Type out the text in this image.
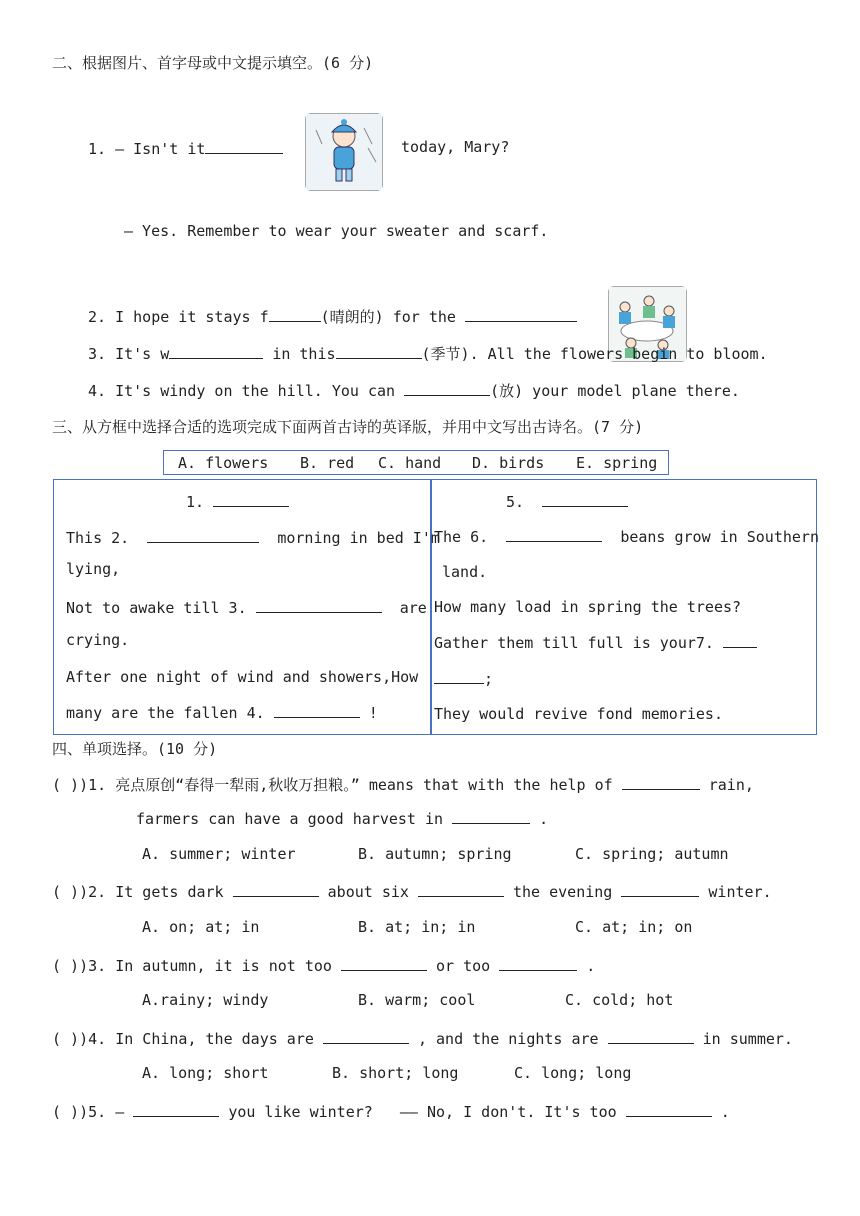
二、根据图片、首字母或中文提示填空。(6 分)
1. — Isn't it	today, Mary?
— Yes. Remember to wear your sweater and scarf.
2. I hope it stays f	(晴朗的) for the
3. It's w	in this	(季节). All the flowers begin to bloom.
4. It's windy on the hill. You can	(放) your model plane there.
三、从方框中选择合适的选项完成下面两首古诗的英译版，并用中文写出古诗名。(7 分)
A. flowers B. red C. hand D. birds E. spring
1.
This 2.	morning in bed I'm
lying,
Not to awake till 3.	are
crying.
After one night of wind and showers,How
many are the fallen 4.	!
5.
The 6.	beans grow in Southern
land.
How many load in spring the trees?
Gather them till full is your7.
;
They would revive fond memories.
四、单项选择。(10 分)
( ))1. 亮点原创“春得一犁雨,秋收万担粮。” means that with the help of	rain,
farmers can have a good harvest in	.
A. summer; winter	B. autumn; spring	C. spring; autumn
( ))2. It gets dark	about six	the evening	winter.
A. on; at; in	B. at; in; in	C. at; in; on
( ))3. In autumn, it is not too	or too	.
A.rainy; windy	B. warm; cool	C. cold; hot
( ))4. In China, the days are	, and the nights are	in summer.
A. long; short	B. short; long	C. long; long
( ))5. —	you like winter? —— No, I don't. It's too	.
